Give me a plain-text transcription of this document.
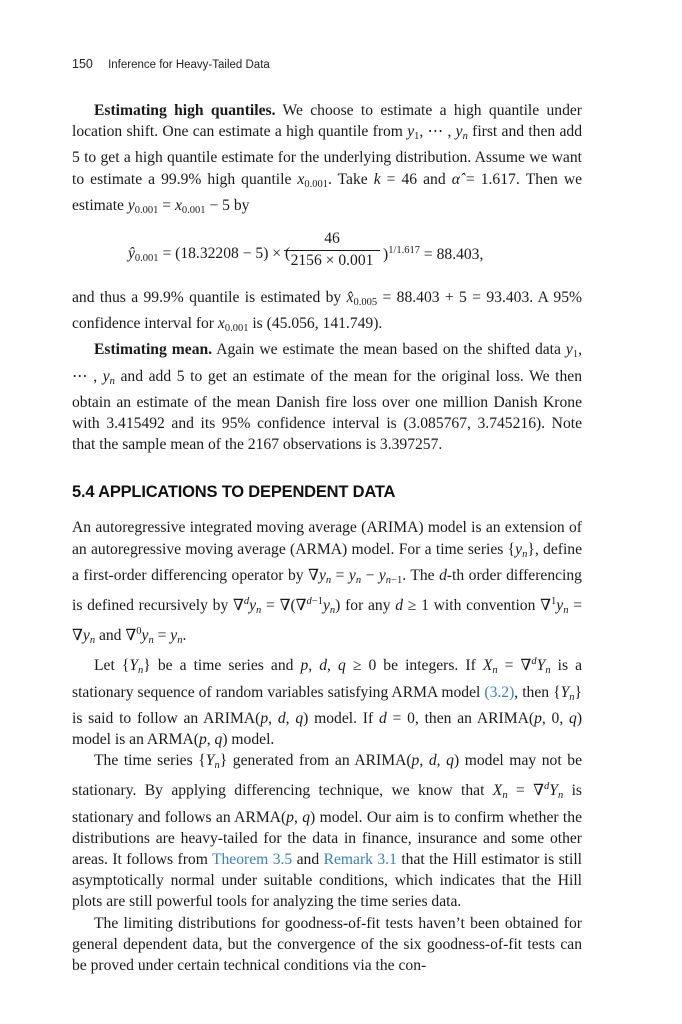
150 Inference for Heavy-Tailed Data

Estimating high quantiles. We choose to estimate a high quantile under location shift. One can estimate a high quantile from $y_1$, ⋯ , yn first and then add 5 to get a high quantile estimate for the underlying distribution. Assume we want to estimate a 99.9% high quantile $x_{0.001}$. Take k = 46 and α̂ = 1.617. Then we estimate $y_{0.001} = x_{0.001} - 5$ by

$ŷ_{0.001} = (18.32208 - 5)$ × (
46
2156 × 0.001 )$^{1/1.617}$ = 88.403,

and thus a 99.9% quantile is estimated by $x̂_{0.005} = 88.403 + 5 = 93.403$. A 95% confidence interval for $x_{0.001}$ is (45.056, 141.749).

Estimating mean. Again we estimate the mean based on the shifted data $y_1$, ⋯ , yn and add 5 to get an estimate of the mean for the original loss. We then obtain an estimate of the mean Danish fire loss over one million Danish Krone with 3.415492 and its 95% confidence interval is (3.085767, 3.745216). Note that the sample mean of the 2167 observations is 3.397257.

5.4 APPLICATIONS TO DEPENDENT DATA

An autoregressive integrated moving average (ARIMA) model is an extension of an autoregressive moving average (ARMA) model. For a time series {yn}, define a first-order differencing operator by ∇yn = yn − $yn_{-1}$. The d-th order differencing is defined recursively by ∇$^d$yn = ∇(∇$^{d-1}$yn) for any d ≥ 1 with convention ∇$^1$yn = ∇yn and ∇$^0$yn = yn.

Let {Yn} be a time series and p, d, q ≥ 0 be integers. If Xn = ∇$^d$Yn is a stationary sequence of random variables satisfying ARMA model (3.2), then {Yn} is said to follow an ARIMA(p, d, q) model. If d = 0, then an ARIMA(p, 0, q) model is an ARMA(p, q) model.

The time series {Yn} generated from an ARIMA(p, d, q) model may not be stationary. By applying differencing technique, we know that Xn = ∇$^d$Yn is stationary and follows an ARMA(p, q) model. Our aim is to confirm whether the distributions are heavy-tailed for the data in finance, insurance and some other areas. It follows from Theorem 3.5 and Remark 3.1 that the Hill estimator is still asymptotically normal under suitable conditions, which indicates that the Hill plots are still powerful tools for analyzing the time series data.

The limiting distributions for goodness-of-fit tests haven’t been obtained for general dependent data, but the convergence of the six goodness-of-fit tests can be proved under certain technical conditions via the con-
